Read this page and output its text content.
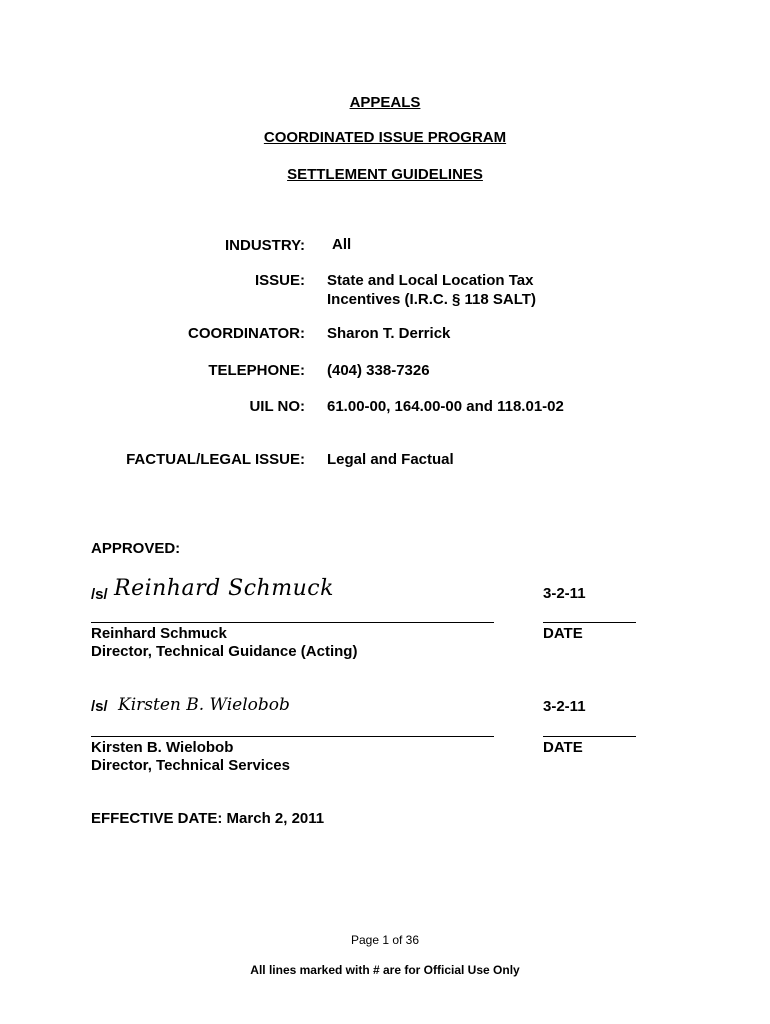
APPEALS
COORDINATED ISSUE PROGRAM
SETTLEMENT GUIDELINES
INDUSTRY: All
ISSUE: State and Local Location Tax
Incentives (I.R.C. § 118 SALT)
COORDINATOR: Sharon T. Derrick
TELEPHONE: (404) 338-7326
UIL NO: 61.00-00, 164.00-00 and 118.01-02
FACTUAL/LEGAL ISSUE: Legal and Factual
APPROVED:
/s/ Reinhard Schmuck	3-2-11
Reinhard Schmuck	DATE
Director, Technical Guidance (Acting)
/s/ Kirsten B. Wielobob	3-2-11
Kirsten B. Wielobob	DATE
Director, Technical Services
EFFECTIVE DATE: March 2, 2011
Page 1 of 36
All lines marked with # are for Official Use Only
